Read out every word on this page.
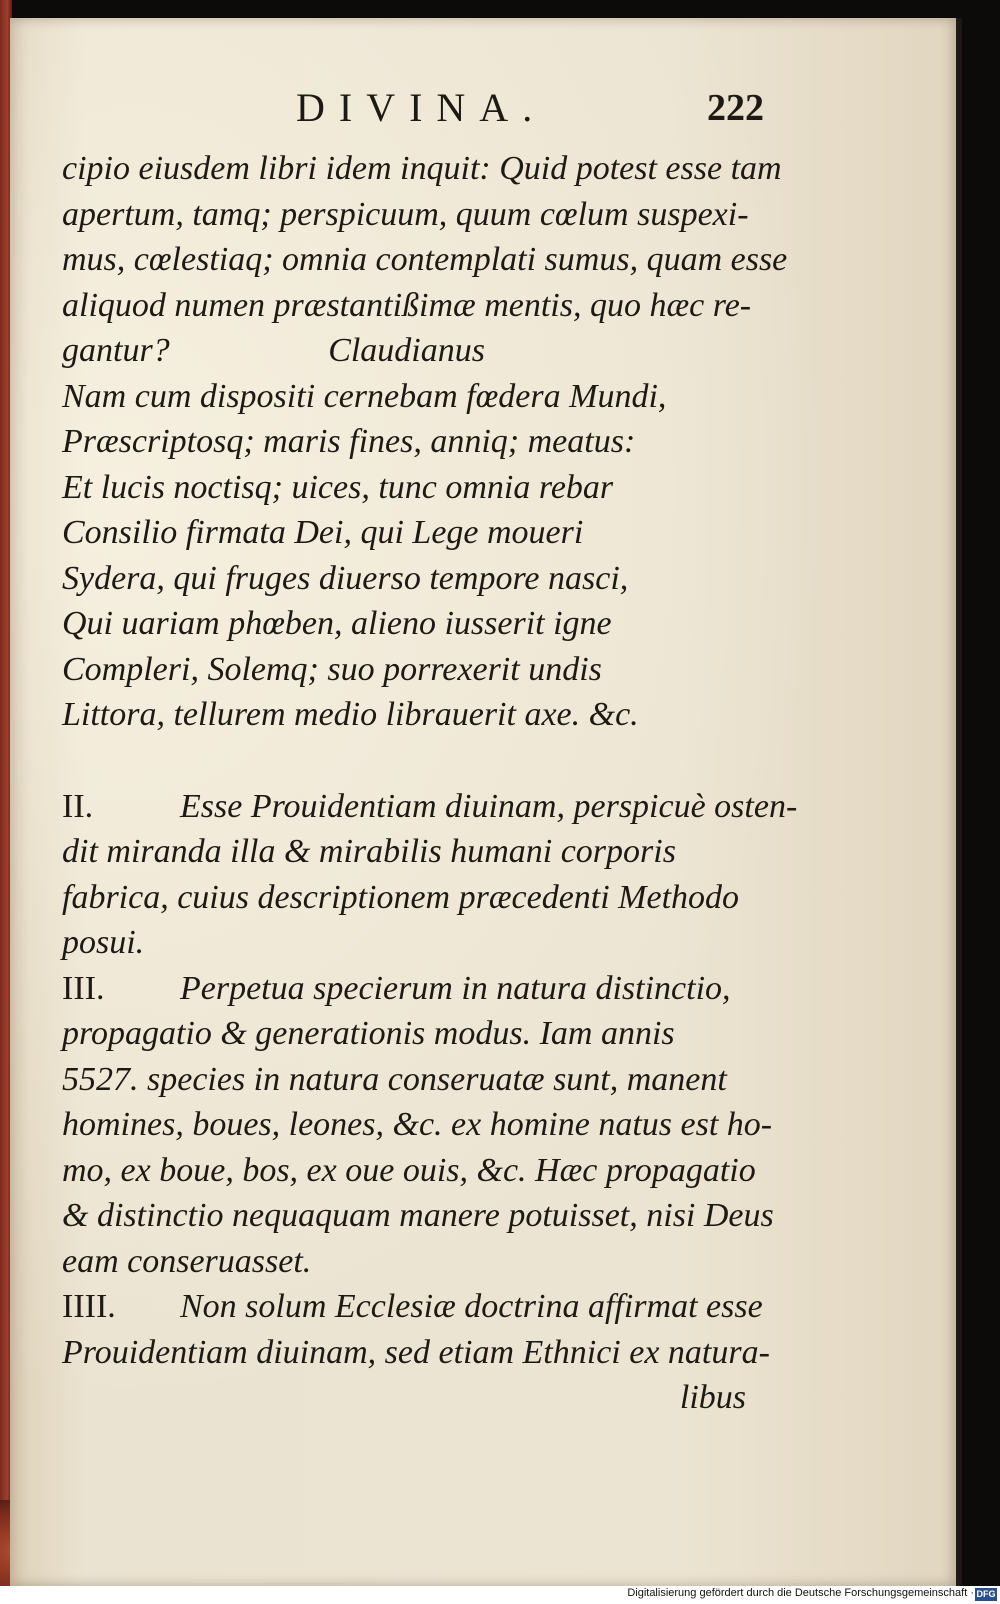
DIVINA.	222
cipio eiusdem libri idem inquit: Quid potest esse tam
apertum, tamq; perspicuum, quum cœlum suspexi-
mus, cœlestiaq; omnia contemplati sumus, quam esse
aliquod numen præstantißimæ mentis, quo hæc re-
gantur?	Claudianus
Nam cum dispositi cernebam fœdera Mundi,
Præscriptosq; maris fines, anniq; meatus:
Et lucis noctisq; uices, tunc omnia rebar
Consilio firmata Dei, qui Lege moueri
Sydera, qui fruges diuerso tempore nasci,
Qui uariam phœben, alieno iusserit igne
Compleri, Solemq; suo porrexerit undis
Littora, tellurem medio librauerit axe. &c.
II.	Esse Prouidentiam diuinam, perspicuè osten-
dit miranda illa & mirabilis humani corporis
fabrica, cuius descriptionem præcedenti Methodo
posui.
III. Perpetua specierum in natura distinctio,
propagatio & generationis modus. Iam annis
5527. species in natura conseruatæ sunt, manent
homines, boues, leones, &c. ex homine natus est ho-
mo, ex boue, bos, ex oue ouis, &c. Hæc propagatio
& distinctio nequaquam manere potuisset, nisi Deus
eam conseruasset.
IIII. Non solum Ecclesiæ doctrina affirmat esse
Prouidentiam diuinam, sed etiam Ethnici ex natura-
libus
Digitalisierung gefördert durch die Deutsche Forschungsgemeinschaft · DFG
